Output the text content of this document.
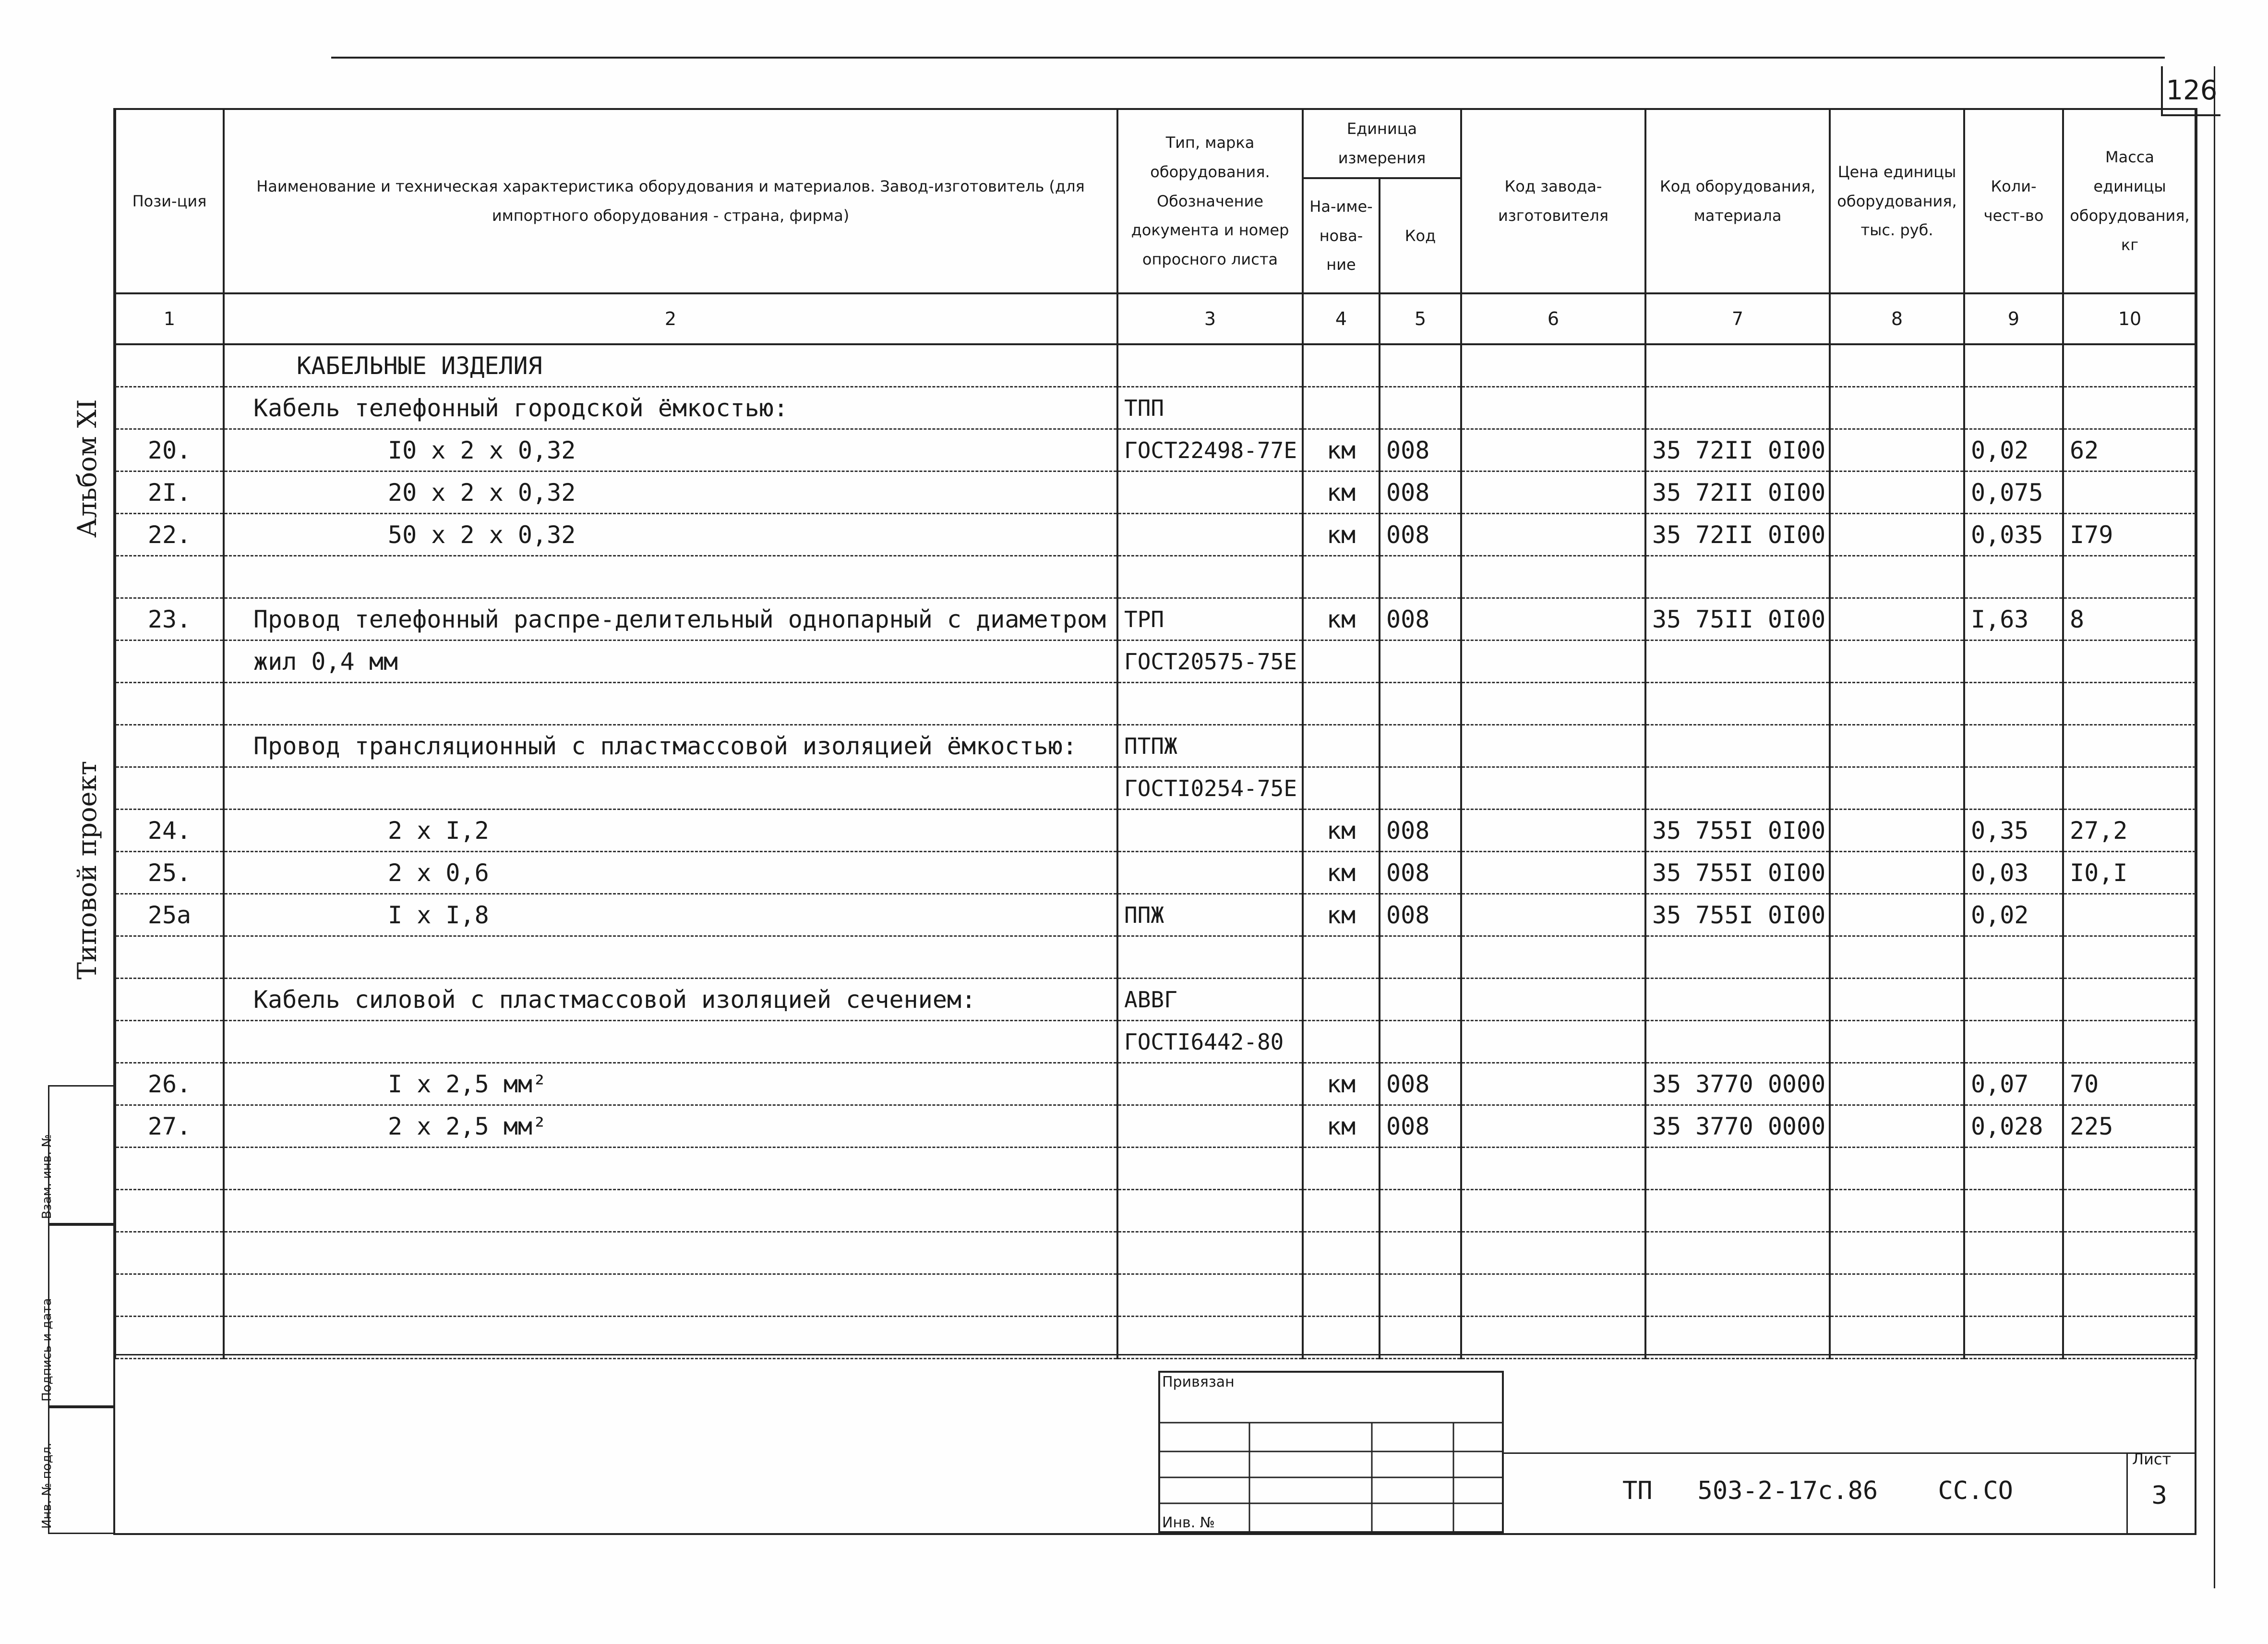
126
Альбом XI
Типовой проект
Взам. инв. №
Подпись и дата
Инв. № подл.
Пози-ция	Наименование и техническая характеристика оборудования и материалов. Завод-изготовитель (для импортного оборудования - страна, фирма)	Тип, марка оборудования. Обозначение документа и номер опросного листа	Единица измерения		Код заводa-изготовителя	Код оборудования, материала	Цена единицы оборудования, тыс. руб.	Коли-чест-во	Масса единицы оборудования, кг
			На-име-нова-ние	Код					
1	2	3	4	5	6	7	8	9	10
	КАБЕЛЬНЫЕ ИЗДЕЛИЯ								
	Кабель телефонный городской ёмкостью:	ТПП							
20.	I0 x 2 x 0,32	ГОСТ22498-77Е	км	008		35 72II 0I00		0,02	62
2I.	20 x 2 x 0,32		км	008		35 72II 0I00		0,075	
22.	50 x 2 x 0,32		км	008		35 72II 0I00		0,035	I79

23.	Провод телефонный распре-делительный однопарный с диаметром	ТРП	км	008		35 75II 0I00		I,63	8
	жил 0,4 мм	ГОСТ20575-75Е							

	Провод трансляционный с пластмассовой изоляцией ёмкостью:	ПТПЖ							
		ГОСТI0254-75Е							
24.	2 x I,2		км	008		35 755I 0I00		0,35	27,2
25.	2 x 0,6		км	008		35 755I 0I00		0,03	I0,I
25а	I x I,8	ППЖ	км	008		35 755I 0I00		0,02	

	Кабель силовой с пластмассовой изоляцией сечением:	АВВГ							
		ГОСТI6442-80							
26.	I x 2,5 мм²		км	008		35 3770 0000		0,07	70
27.	2 x 2,5 мм²		км	008		35 3770 0000		0,028	225

Привязан
Инв. №
ТП   503-2-17с.86    СС.СО
Лист
3
